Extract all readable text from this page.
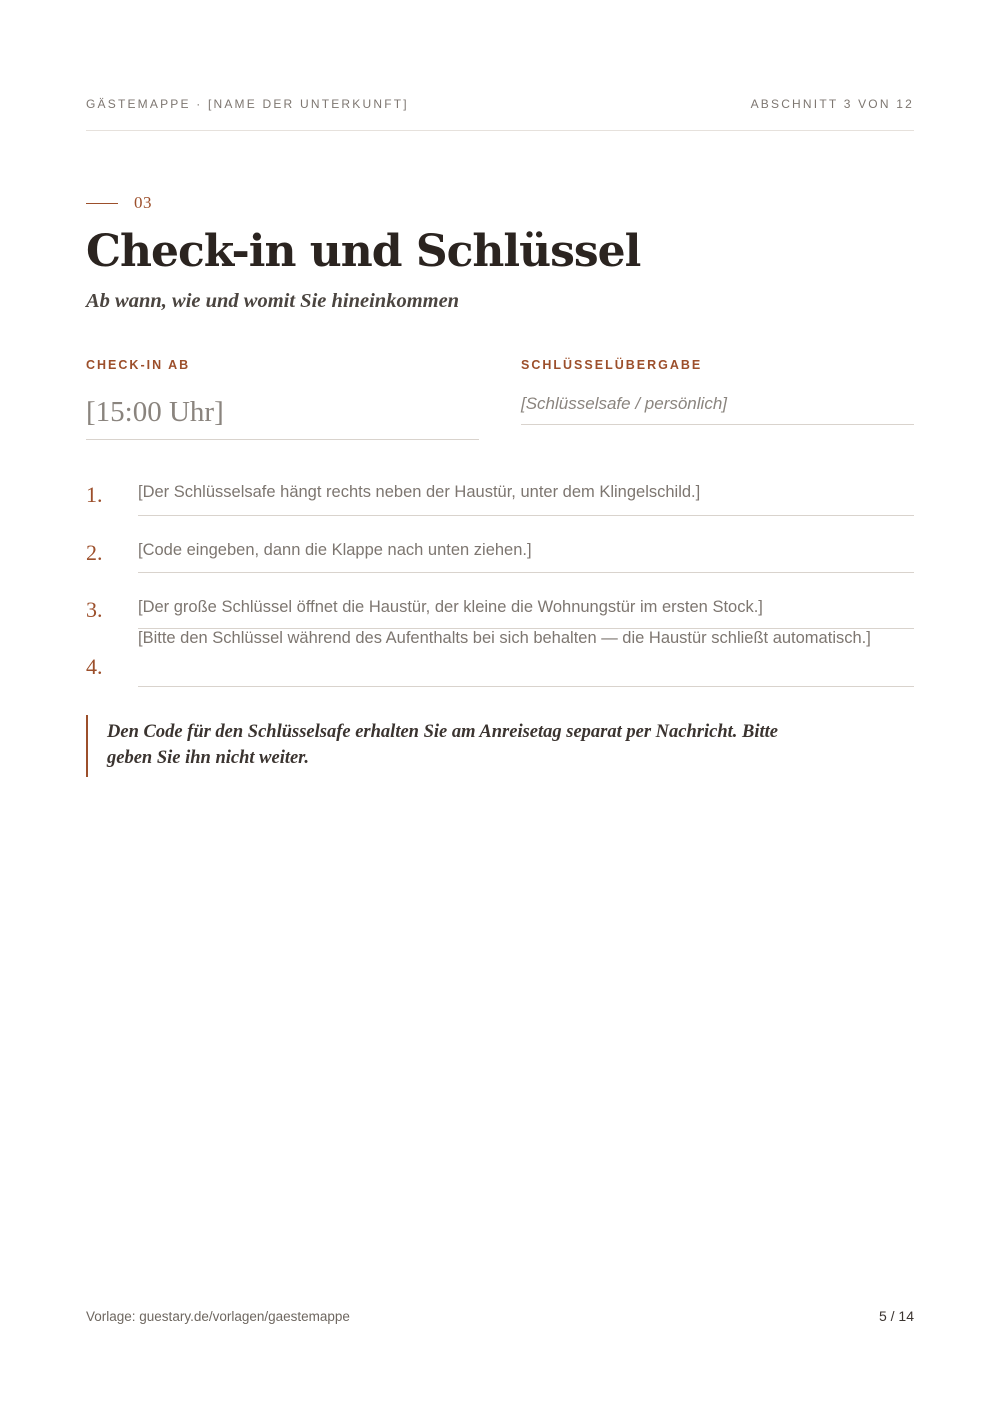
GÄSTEMAPPE · [NAME DER UNTERKUNFT]	ABSCHNITT 3 VON 12
03
Check-in und Schlüssel
Ab wann, wie und womit Sie hineinkommen
CHECK-IN AB
[15:00 Uhr]
SCHLÜSSELÜBERGABE
[Schlüsselsafe / persönlich]
1. [Der Schlüsselsafe hängt rechts neben der Haustür, unter dem Klingelschild.]
2. [Code eingeben, dann die Klappe nach unten ziehen.]
3. [Der große Schlüssel öffnet die Haustür, der kleine die Wohnungstür im ersten Stock.]
4.
[Bitte den Schlüssel während des Aufenthalts bei sich behalten — die Haustür schließt automatisch.]
Den Code für den Schlüsselsafe erhalten Sie am Anreisetag separat per Nachricht. Bitte geben Sie ihn nicht weiter.
Vorlage: guestary.de/vorlagen/gaestemappe	5 / 14
